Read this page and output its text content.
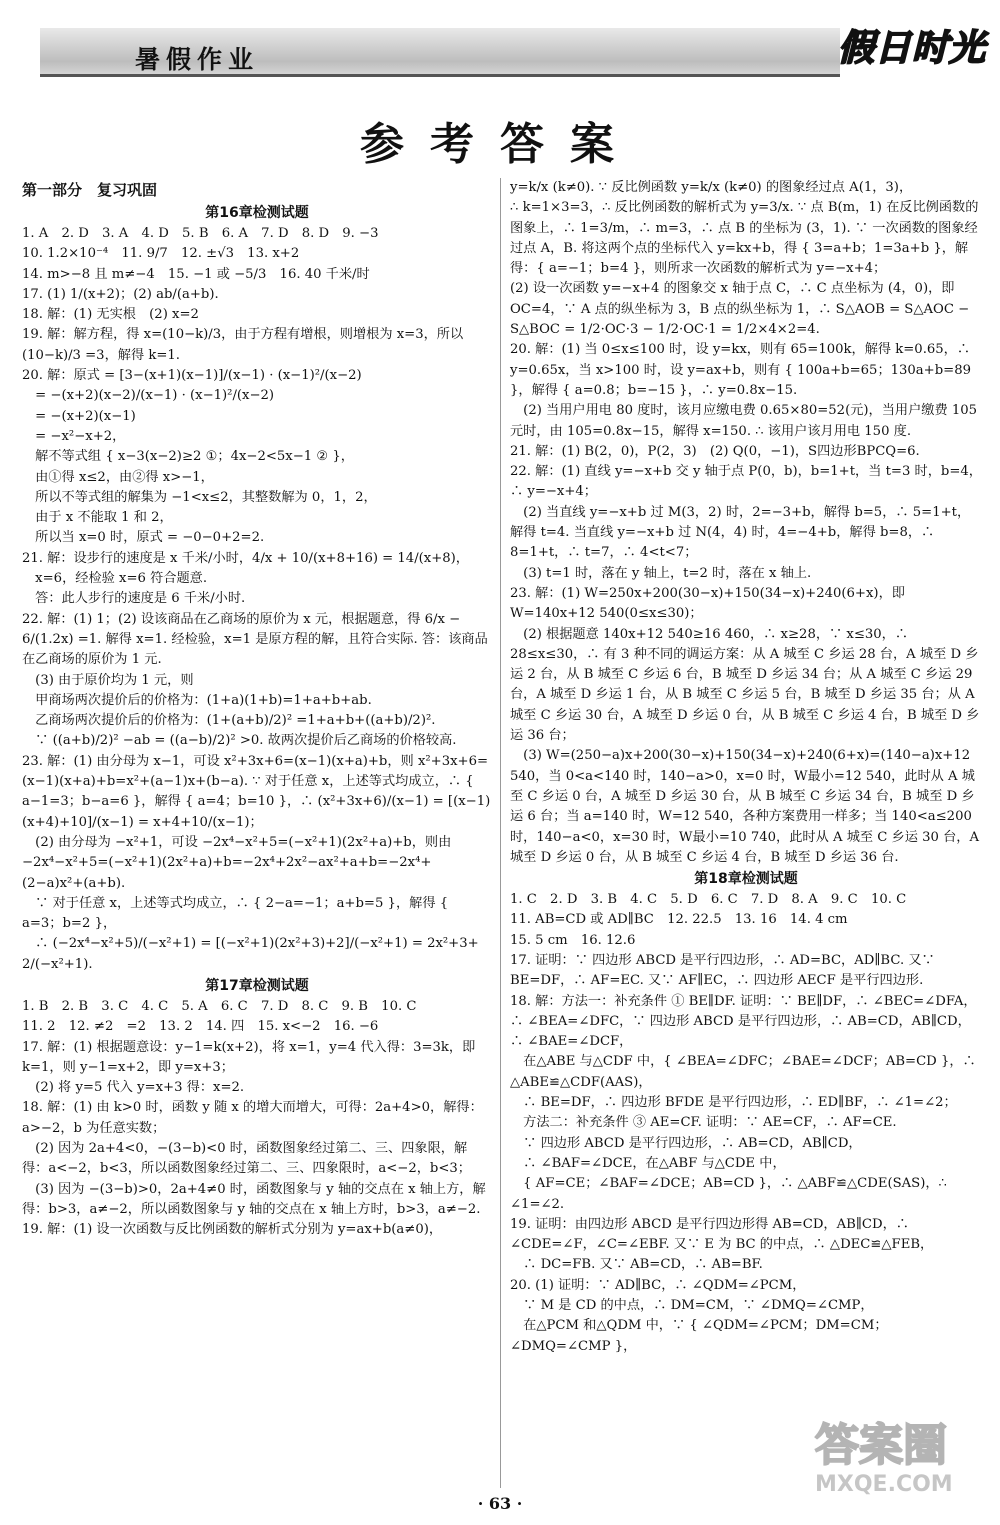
暑假作业	假日时光
参考答案
第一部分　复习巩固
第16章检测试题

1. A　2. D　3. A　4. D　5. B　6. A　7. D　8. D　9. −3

10. 1.2×10⁻⁴　11. 9/7　12. ±√3　13. x+2

14. m>−8 且 m≠−4　15. −1 或 −5/3　16. 40 千米/时

17. (1) 1/(x+2)；(2) ab/(a+b).

18. 解：(1) 无实根　(2) x=2

19. 解：解方程，得 x=(10−k)/3，由于方程有增根，则增根为 x=3，所以 (10−k)/3 =3，解得 k=1.

20. 解：原式 = [3−(x+1)(x−1)]/(x−1) · (x−1)²/(x−2)
　= −(x+2)(x−2)/(x−1) · (x−1)²/(x−2)
　= −(x+2)(x−1)
　= −x²−x+2，
　解不等式组 { x−3(x−2)≥2 ①；4x−2<5x−1 ② }，
　由①得 x≤2，由②得 x>−1，
　所以不等式组的解集为 −1<x≤2，其整数解为 0，1，2，
　由于 x 不能取 1 和 2，
　所以当 x=0 时，原式 = −0−0+2=2.

21. 解：设步行的速度是 x 千米/小时，4/x + 10/(x+8+16) = 14/(x+8)，
　x=6，经检验 x=6 符合题意.
　答：此人步行的速度是 6 千米/小时.

22. 解：(1) 1；(2) 设该商品在乙商场的原价为 x 元，根据题意，得 6/x − 6/(1.2x) =1. 解得 x=1. 经检验，x=1 是原方程的解，且符合实际. 答：该商品在乙商场的原价为 1 元.
　(3) 由于原价均为 1 元，则
　甲商场两次提价后的价格为：(1+a)(1+b)=1+a+b+ab.
　乙商场两次提价后的价格为：(1+(a+b)/2)² =1+a+b+((a+b)/2)².
　∵ ((a+b)/2)² −ab = ((a−b)/2)² >0. 故两次提价后乙商场的价格较高.

23. 解：(1) 由分母为 x−1，可设 x²+3x+6=(x−1)(x+a)+b，则 x²+3x+6=(x−1)(x+a)+b=x²+(a−1)x+(b−a). ∵ 对于任意 x，上述等式均成立，∴ { a−1=3；b−a=6 }，解得 { a=4；b=10 }，∴ (x²+3x+6)/(x−1) = [(x−1)(x+4)+10]/(x−1) = x+4+10/(x−1)；
　(2) 由分母为 −x²+1，可设 −2x⁴−x²+5=(−x²+1)(2x²+a)+b，则由 −2x⁴−x²+5=(−x²+1)(2x²+a)+b=−2x⁴+2x²−ax²+a+b=−2x⁴+(2−a)x²+(a+b).
　∵ 对于任意 x，上述等式均成立，∴ { 2−a=−1；a+b=5 }，解得 { a=3；b=2 }，
　∴ (−2x⁴−x²+5)/(−x²+1) = [(−x²+1)(2x²+3)+2]/(−x²+1) = 2x²+3+ 2/(−x²+1).

第17章检测试题

1. B　2. B　3. C　4. C　5. A　6. C　7. D　8. C　9. B　10. C

11. 2　12. ≠2　=2　13. 2　14. 四　15. x<−2　16. −6

17. 解：(1) 根据题意设：y−1=k(x+2)，将 x=1，y=4 代入得：3=3k，即 k=1，则 y−1=x+2，即 y=x+3；
　(2) 将 y=5 代入 y=x+3 得：x=2.

18. 解：(1) 由 k>0 时，函数 y 随 x 的增大而增大，可得：2a+4>0，解得：a>−2，b 为任意实数；
　(2) 因为 2a+4<0，−(3−b)<0 时，函数图象经过第二、三、四象限，解得：a<−2，b<3，所以函数图象经过第二、三、四象限时，a<−2，b<3；
　(3) 因为 −(3−b)>0，2a+4≠0 时，函数图象与 y 轴的交点在 x 轴上方，解得：b>3，a≠−2，所以函数图象与 y 轴的交点在 x 轴上方时，b>3，a≠−2.

19. 解：(1) 设一次函数与反比例函数的解析式分别为 y=ax+b(a≠0)，

y=k/x (k≠0). ∵ 反比例函数 y=k/x (k≠0) 的图象经过点 A(1，3)，
∴ k=1×3=3，∴ 反比例函数的解析式为 y=3/x. ∵ 点 B(m，1) 在反比例函数的图象上，∴ 1=3/m，∴ m=3，∴ 点 B 的坐标为 (3，1). ∵ 一次函数的图象经过点 A，B. 将这两个点的坐标代入 y=kx+b，得 { 3=a+b；1=3a+b }，解得：{ a=−1；b=4 }，则所求一次函数的解析式为 y=−x+4；
(2) 设一次函数 y=−x+4 的图象交 x 轴于点 C，∴ C 点坐标为 (4，0)，即 OC=4，∵ A 点的纵坐标为 3，B 点的纵坐标为 1，∴ S△AOB = S△AOC − S△BOC = 1/2·OC·3 − 1/2·OC·1 = 1/2×4×2=4.

20. 解：(1) 当 0≤x≤100 时，设 y=kx，则有 65=100k，解得 k=0.65，∴ y=0.65x，当 x>100 时，设 y=ax+b，则有 { 100a+b=65；130a+b=89 }，解得 { a=0.8；b=−15 }，∴ y=0.8x−15.
　(2) 当用户用电 80 度时，该月应缴电费 0.65×80=52(元)，当用户缴费 105 元时，由 105=0.8x−15，解得 x=150. ∴ 该用户该月用电 150 度.

21. 解：(1) B(2，0)，P(2，3)　(2) Q(0，−1)，S四边形BPCQ=6.

22. 解：(1) 直线 y=−x+b 交 y 轴于点 P(0，b)，b=1+t，当 t=3 时，b=4，∴ y=−x+4；
　(2) 当直线 y=−x+b 过 M(3，2) 时，2=−3+b，解得 b=5，∴ 5=1+t，解得 t=4. 当直线 y=−x+b 过 N(4，4) 时，4=−4+b，解得 b=8，∴ 8=1+t，∴ t=7，∴ 4<t<7；
　(3) t=1 时，落在 y 轴上，t=2 时，落在 x 轴上.

23. 解：(1) W=250x+200(30−x)+150(34−x)+240(6+x)，即 W=140x+12 540(0≤x≤30)；
　(2) 根据题意 140x+12 540≥16 460，∴ x≥28，∵ x≤30，∴ 28≤x≤30，∴ 有 3 种不同的调运方案：从 A 城至 C 乡运 28 台，A 城至 D 乡运 2 台，从 B 城至 C 乡运 6 台，B 城至 D 乡运 34 台；从 A 城至 C 乡运 29 台，A 城至 D 乡运 1 台，从 B 城至 C 乡运 5 台，B 城至 D 乡运 35 台；从 A 城至 C 乡运 30 台，A 城至 D 乡运 0 台，从 B 城至 C 乡运 4 台，B 城至 D 乡运 36 台；
　(3) W=(250−a)x+200(30−x)+150(34−x)+240(6+x)=(140−a)x+12 540，当 0<a<140 时，140−a>0，x=0 时，W最小=12 540，此时从 A 城至 C 乡运 0 台，A 城至 D 乡运 30 台，从 B 城至 C 乡运 34 台，B 城至 D 乡运 6 台；当 a=140 时，W=12 540，各种方案费用一样多；当 140<a≤200 时，140−a<0，x=30 时，W最小=10 740，此时从 A 城至 C 乡运 30 台，A 城至 D 乡运 0 台，从 B 城至 C 乡运 4 台，B 城至 D 乡运 36 台.

第18章检测试题

1. C　2. D　3. B　4. C　5. D　6. C　7. D　8. A　9. C　10. C

11. AB=CD 或 AD∥BC　12. 22.5　13. 16　14. 4 cm

15. 5 cm　16. 12.6

17. 证明：∵ 四边形 ABCD 是平行四边形，∴ AD=BC，AD∥BC. 又∵ BE=DF，∴ AF=EC. 又∵ AF∥EC，∴ 四边形 AECF 是平行四边形.

18. 解：方法一：补充条件 ① BE∥DF. 证明：∵ BE∥DF，∴ ∠BEC=∠DFA，∴ ∠BEA=∠DFC，∵ 四边形 ABCD 是平行四边形，∴ AB=CD，AB∥CD，∴ ∠BAE=∠DCF，
　在△ABE 与△CDF 中，{ ∠BEA=∠DFC；∠BAE=∠DCF；AB=CD }，∴ △ABE≌△CDF(AAS)，
　∴ BE=DF，∴ 四边形 BFDE 是平行四边形，∴ ED∥BF，∴ ∠1=∠2；
　方法二：补充条件 ③ AE=CF. 证明：∵ AE=CF，∴ AF=CE.
　∵ 四边形 ABCD 是平行四边形，∴ AB=CD，AB∥CD，
　∴ ∠BAF=∠DCE，在△ABF 与△CDE 中，
　{ AF=CE；∠BAF=∠DCE；AB=CD }，∴ △ABF≌△CDE(SAS)，∴ ∠1=∠2.

19. 证明：由四边形 ABCD 是平行四边形得 AB=CD，AB∥CD，∴ ∠CDE=∠F，∠C=∠EBF. 又∵ E 为 BC 的中点，∴ △DEC≌△FEB，
　∴ DC=FB. 又∵ AB=CD，∴ AB=BF.

20. (1) 证明：∵ AD∥BC，∴ ∠QDM=∠PCM，
　∵ M 是 CD 的中点，∴ DM=CM，∵ ∠DMQ=∠CMP，
　在△PCM 和△QDM 中，∵ { ∠QDM=∠PCM；DM=CM；∠DMQ=∠CMP }，

· 63 ·
答案圈
MXQE.COM
